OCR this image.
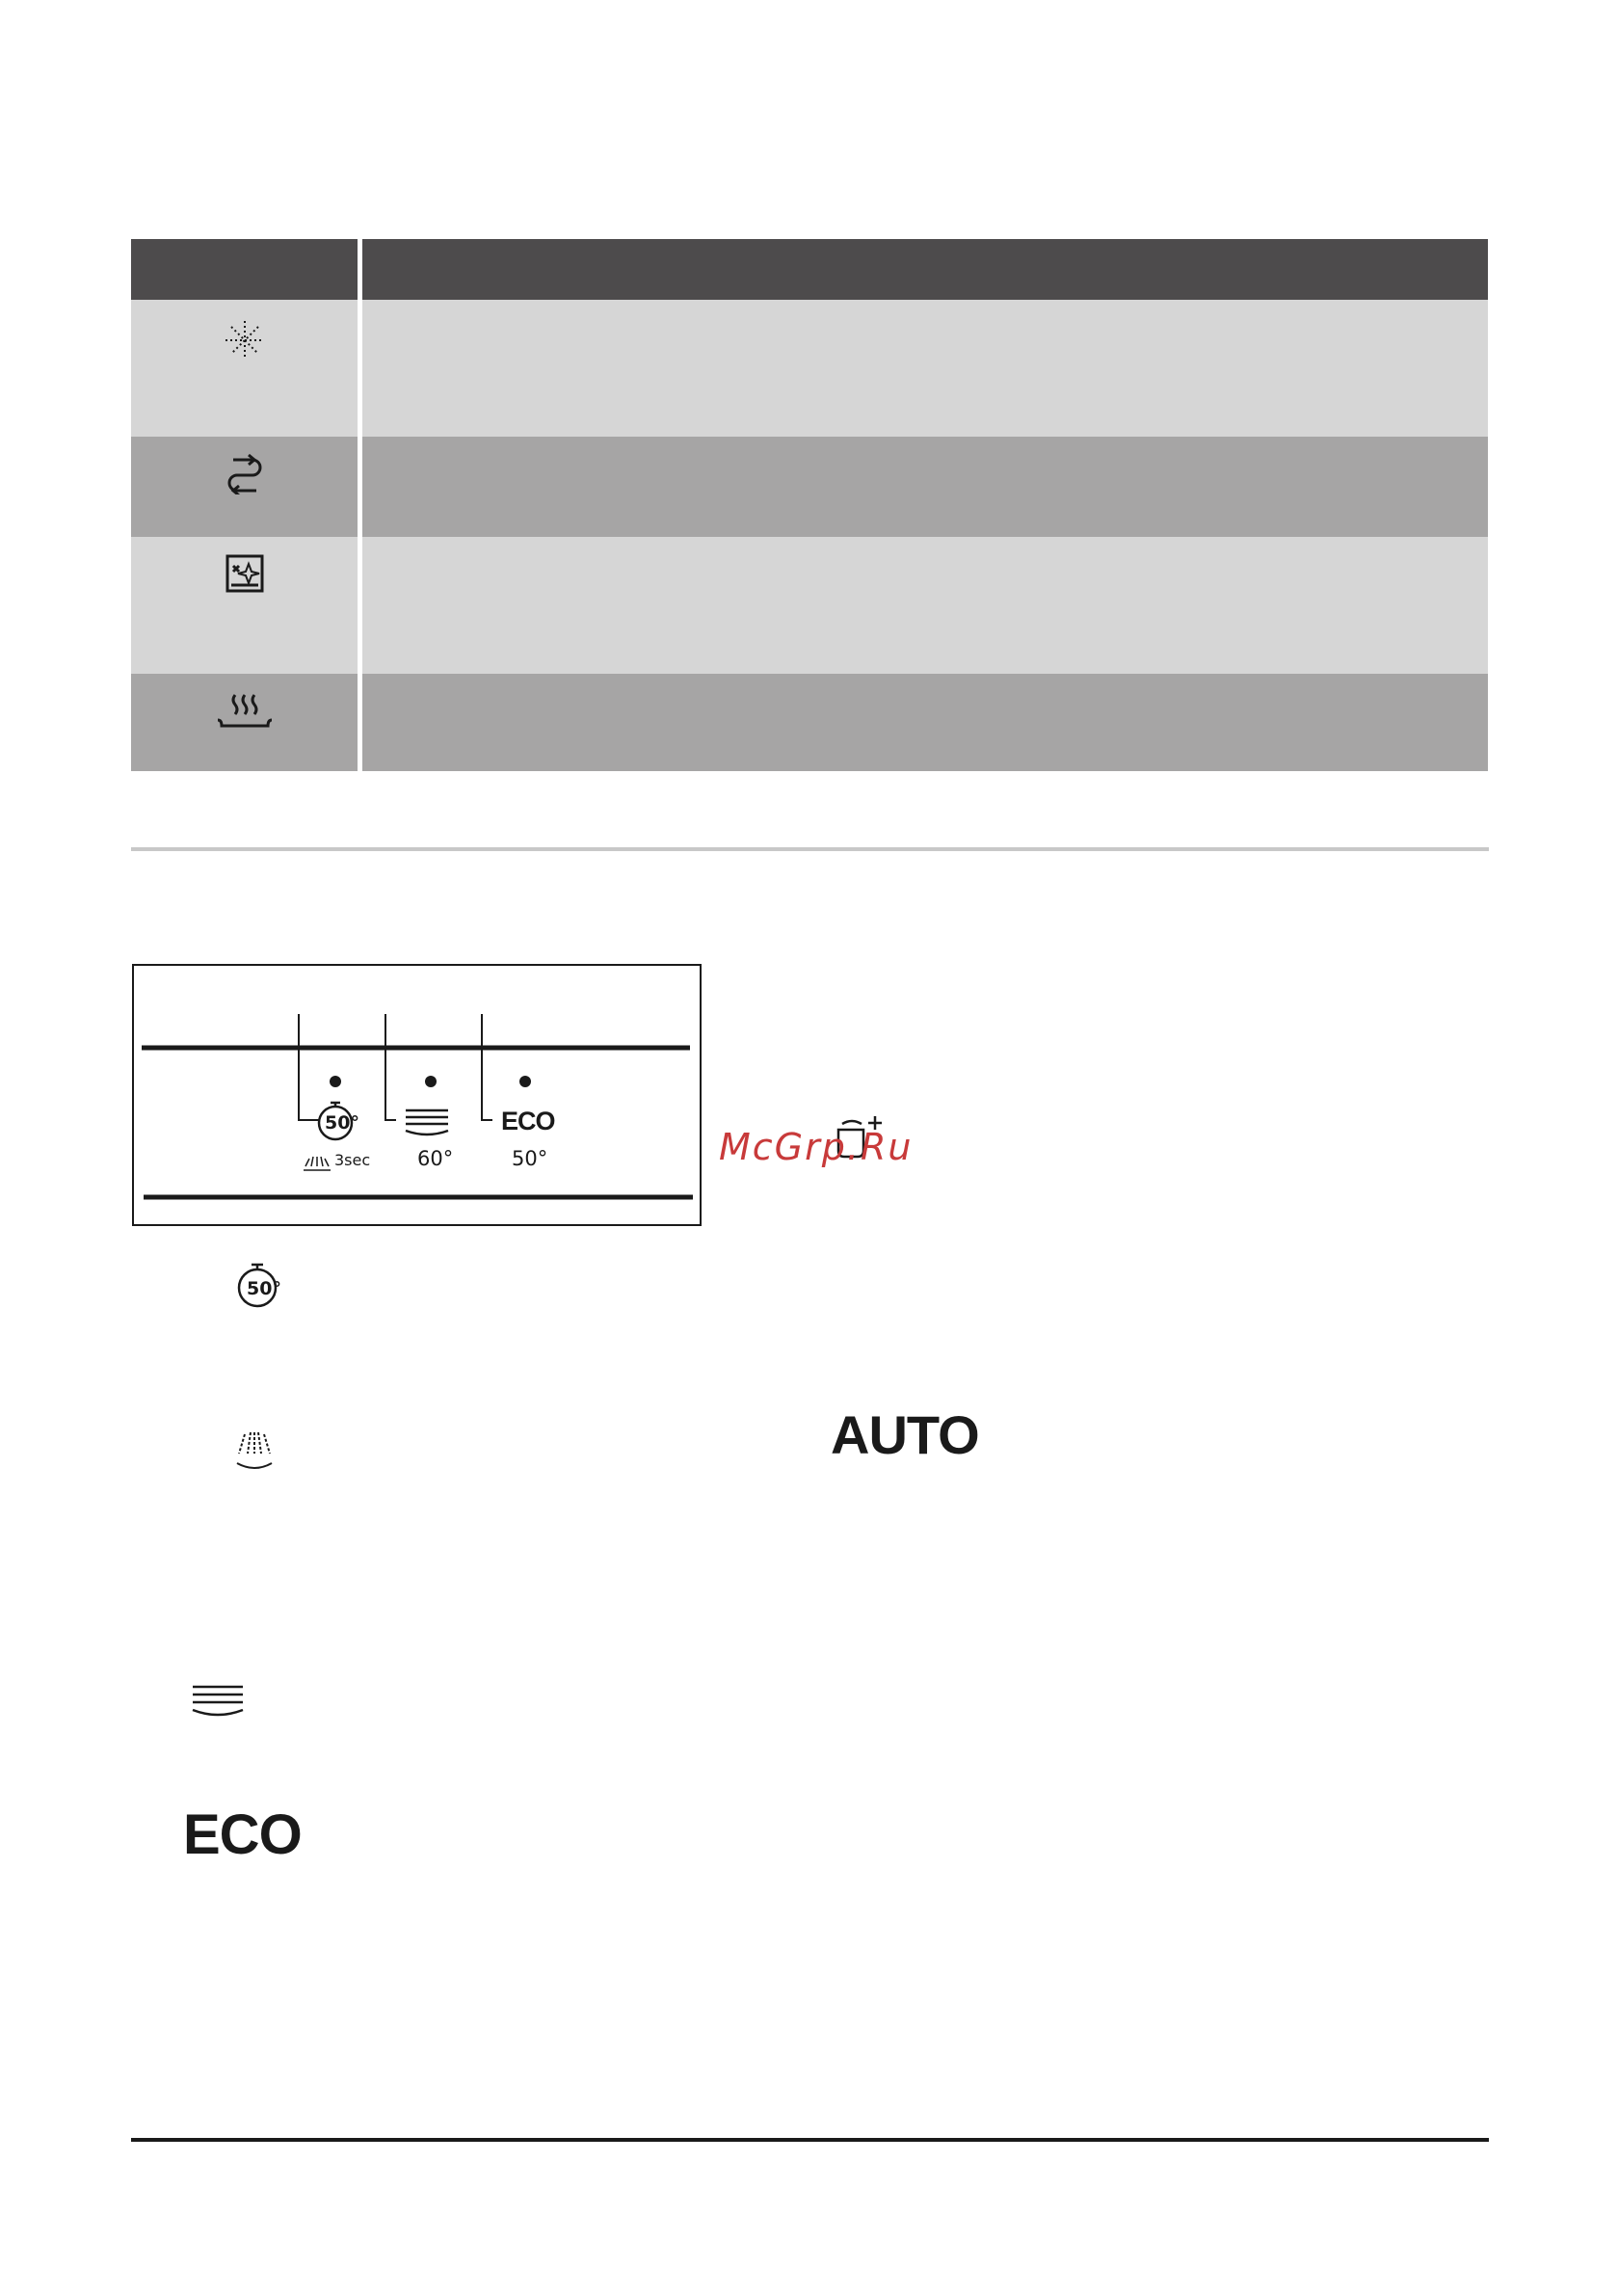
50°
3sec 60°
ECO
50°
50°
AUTO
ECO
McGrp.Ru
